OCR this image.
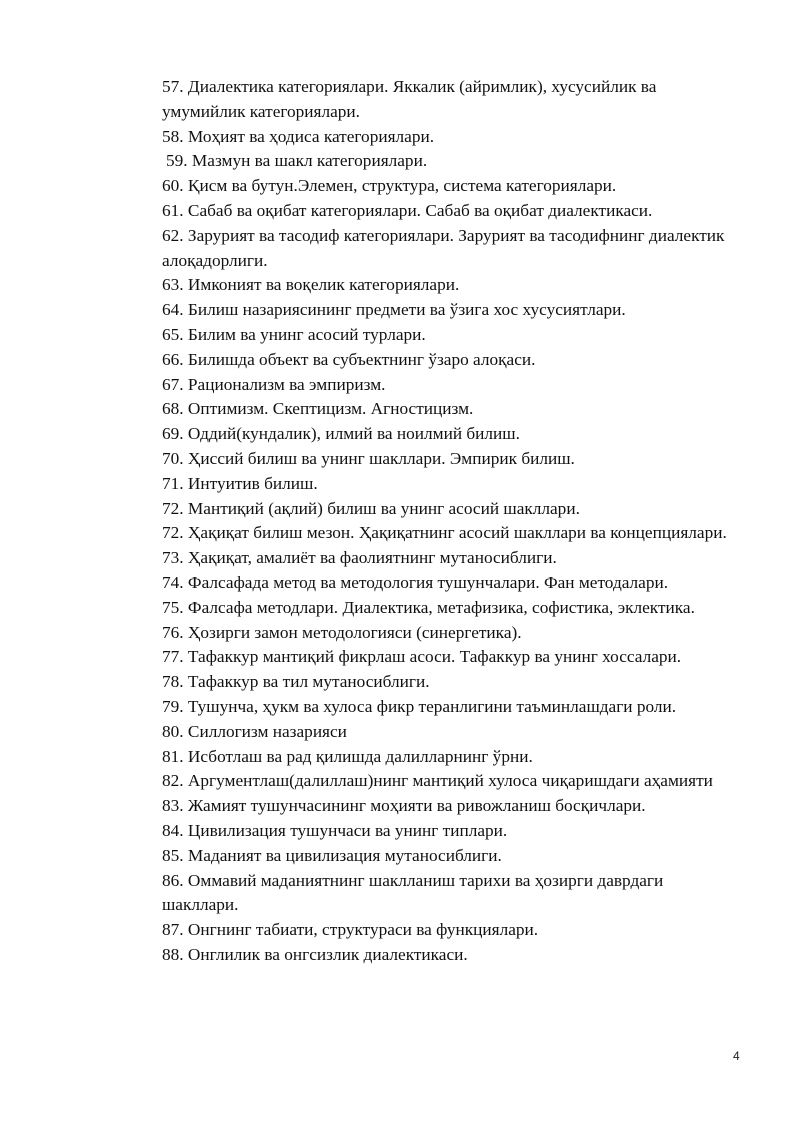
57. Диалектика категориялари. Яккалик (айримлик), хусусийлик ва умумийлик категориялари.
58. Моҳият ва ҳодиса категориялари.
59. Мазмун ва шакл категориялари.
60. Қисм ва бутун.Элемен, структура, система категориялари.
61. Сабаб ва оқибат категориялари. Сабаб ва оқибат диалектикаси.
62. Зарурият ва тасодиф категориялари. Зарурият ва тасодифнинг диалектик алоқадорлиги.
63. Имконият ва воқелик категориялари.
64. Билиш назариясининг предмети ва ўзига хос хусусиятлари.
65. Билим ва унинг асосий турлари.
66. Билишда объект ва субъектнинг ўзаро алоқаси.
67. Рационализм ва эмпиризм.
68. Оптимизм. Скептицизм. Агностицизм.
69. Оддий(кундалик), илмий ва ноилмий билиш.
70. Ҳиссий билиш ва унинг шакллари. Эмпирик билиш.
71. Интуитив билиш.
72. Мантиқий (ақлий) билиш ва унинг асосий шакллари.
72. Ҳақиқат билиш мезон. Ҳақиқатнинг асосий шакллари ва концепциялари.
73. Ҳақиқат, амалиёт ва фаолиятнинг мутаносиблиги.
74. Фалсафада метод ва методология тушунчалари. Фан методалари.
75. Фалсафа методлари. Диалектика, метафизика, софистика, эклектика.
76. Ҳозирги замон методологияси (синергетика).
77. Тафаккур мантиқий фикрлаш асоси. Тафаккур ва унинг хоссалари.
78. Тафаккур ва тил мутаносиблиги.
79. Тушунча, ҳукм ва хулоса фикр теранлигини таъминлашдаги роли.
80. Силлогизм назарияси
81. Исботлаш ва рад қилишда далилларнинг ўрни.
82. Аргументлаш(далиллаш)нинг мантиқий хулоса чиқаришдаги аҳамияти
83. Жамият тушунчасининг моҳияти ва ривожланиш босқичлари.
84. Цивилизация тушунчаси ва унинг типлари.
85. Маданият ва цивилизация мутаносиблиги.
86. Оммавий маданиятнинг шаклланиш тарихи ва ҳозирги даврдаги шакллари.
87. Онгнинг табиати, структураси ва функциялари.
88. Онглилик ва онгсизлик диалектикаси.
4
